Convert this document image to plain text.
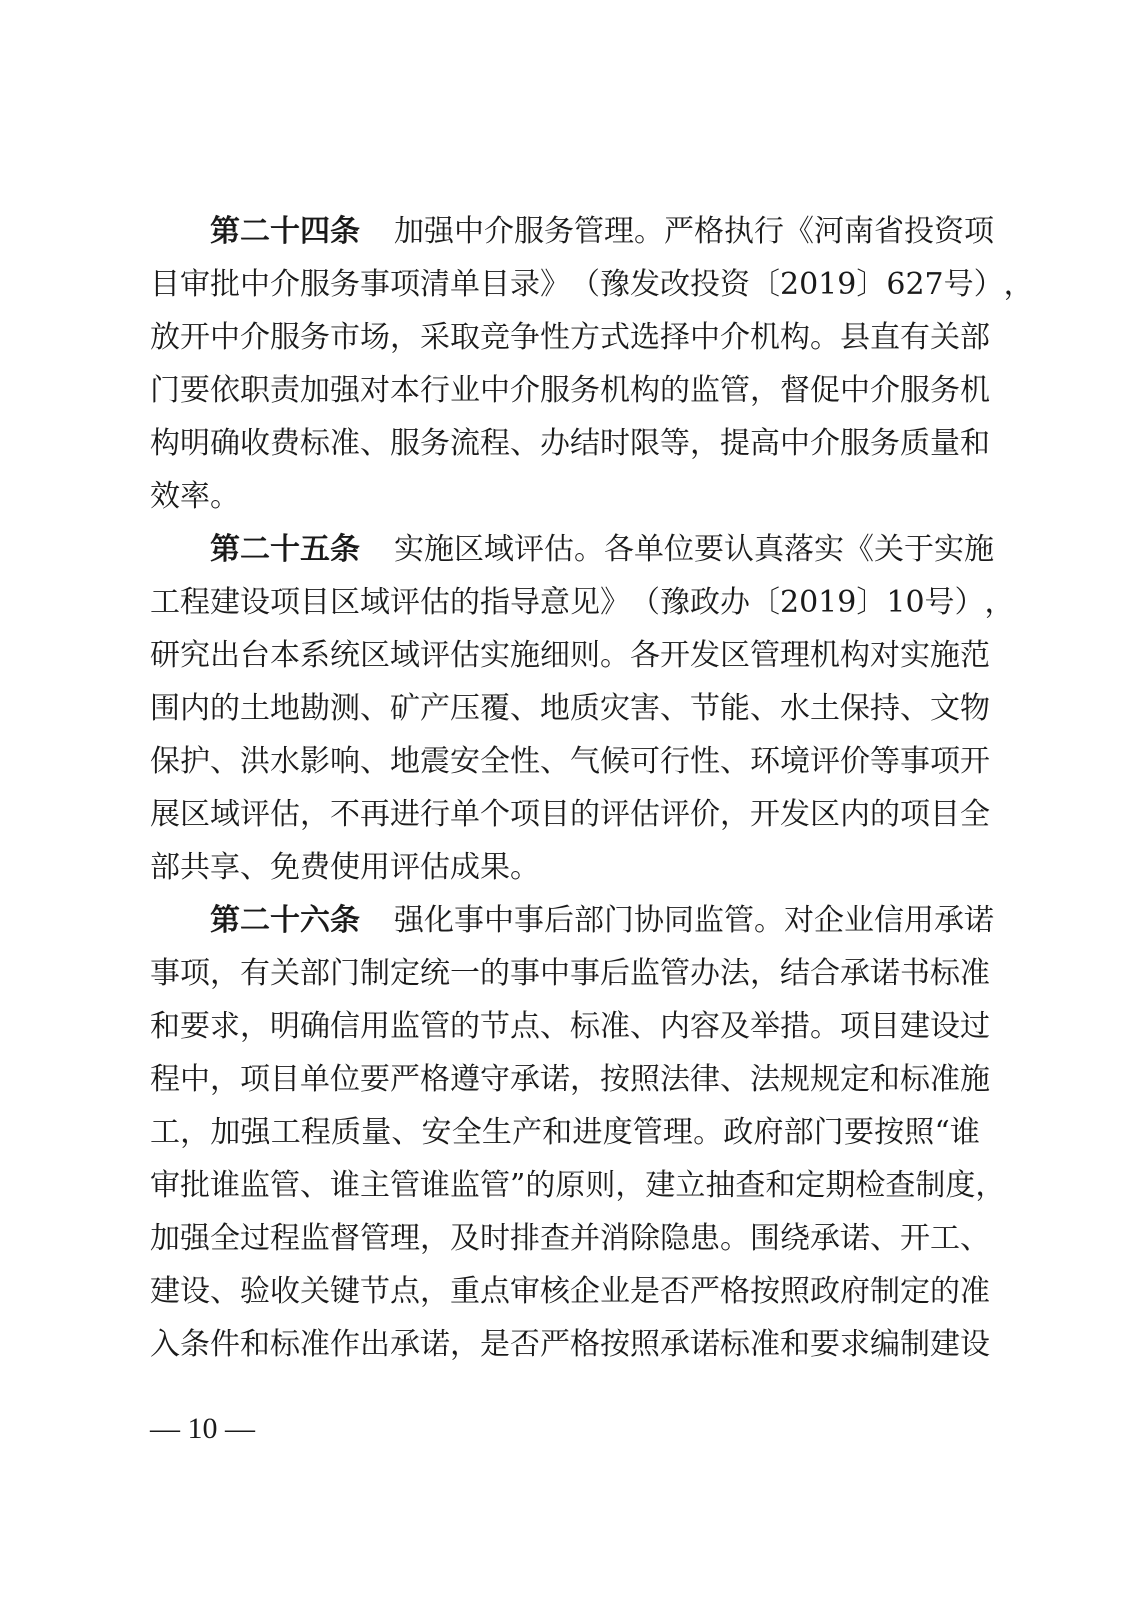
第二十四条 加 强 中 介 服 务 管 理 。 严 格 执 行 《 河 南 省 投 资 项
目 审 批 中 介 服 务 事 项 清 单 目 录 》 （ 豫 发 改 投 资 〔 2019 〕 627 号 ） ，
放 开 中 介 服 务 市 场 ， 采 取 竞 争 性 方 式 选 择 中 介 机 构 。 县 直 有 关 部
门 要 依 职 责 加 强 对 本 行 业 中 介 服 务 机 构 的 监 管 ， 督 促 中 介 服 务 机
构 明 确 收 费 标 准 、 服 务 流 程 、 办 结 时 限 等 ， 提 高 中 介 服 务 质 量 和
效率。
第二十五条 实 施 区 域 评 估 。 各 单 位 要 认 真 落 实 《 关 于 实 施
工 程 建 设 项 目 区 域 评 估 的 指 导 意 见 》 （ 豫 政 办 〔 2019 〕 10 号 ） ，
研 究 出 台 本 系 统 区 域 评 估 实 施 细 则 。 各 开 发 区 管 理 机 构 对 实 施 范
围 内 的 土 地 勘 测 、 矿 产 压 覆 、 地 质 灾 害 、 节 能 、 水 土 保 持 、 文 物
保 护 、 洪 水 影 响 、 地 震 安 全 性 、 气 候 可 行 性 、 环 境 评 价 等 事 项 开
展 区 域 评 估 ， 不 再 进 行 单 个 项 目 的 评 估 评 价 ， 开 发 区 内 的 项 目 全
部共享、免费使用评估成果。
第二十六条 强 化 事 中 事 后 部 门 协 同 监 管 。 对 企 业 信 用 承 诺
事 项 ， 有 关 部 门 制 定 统 一 的 事 中 事 后 监 管 办 法 ， 结 合 承 诺 书 标 准
和 要 求 ， 明 确 信 用 监 管 的 节 点 、 标 准 、 内 容 及 举 措 。 项 目 建 设 过
程 中 ， 项 目 单 位 要 严 格 遵 守 承 诺 ， 按 照 法 律 、 法 规 规 定 和 标 准 施
工 ， 加 强 工 程 质 量 、 安 全 生 产 和 进 度 管 理 。 政 府 部 门 要 按 照 “ 谁
审 批 谁 监 管 、 谁 主 管 谁 监 管 ” 的 原 则 ， 建 立 抽 查 和 定 期 检 查 制 度 ，
加 强 全 过 程 监 督 管 理 ， 及 时 排 查 并 消 除 隐 患 。 围 绕 承 诺 、 开 工 、
建 设 、 验 收 关 键 节 点 ， 重 点 审 核 企 业 是 否 严 格 按 照 政 府 制 定 的 准
入 条 件 和 标 准 作 出 承 诺 ， 是 否 严 格 按 照 承 诺 标 准 和 要 求 编 制 建 设
— 10 —
